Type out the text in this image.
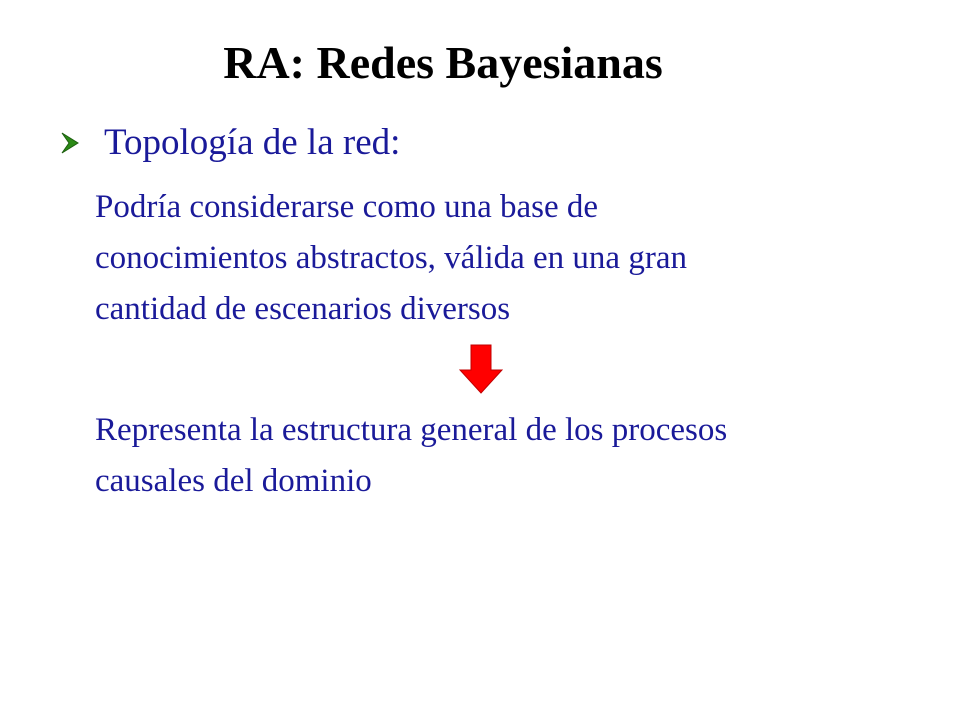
RA: Redes Bayesianas
Topología de la red:

Podría considerarse como una base de
conocimientos abstractos, válida en una gran
cantidad de escenarios diversos

Representa la estructura general de los procesos
causales del dominio
